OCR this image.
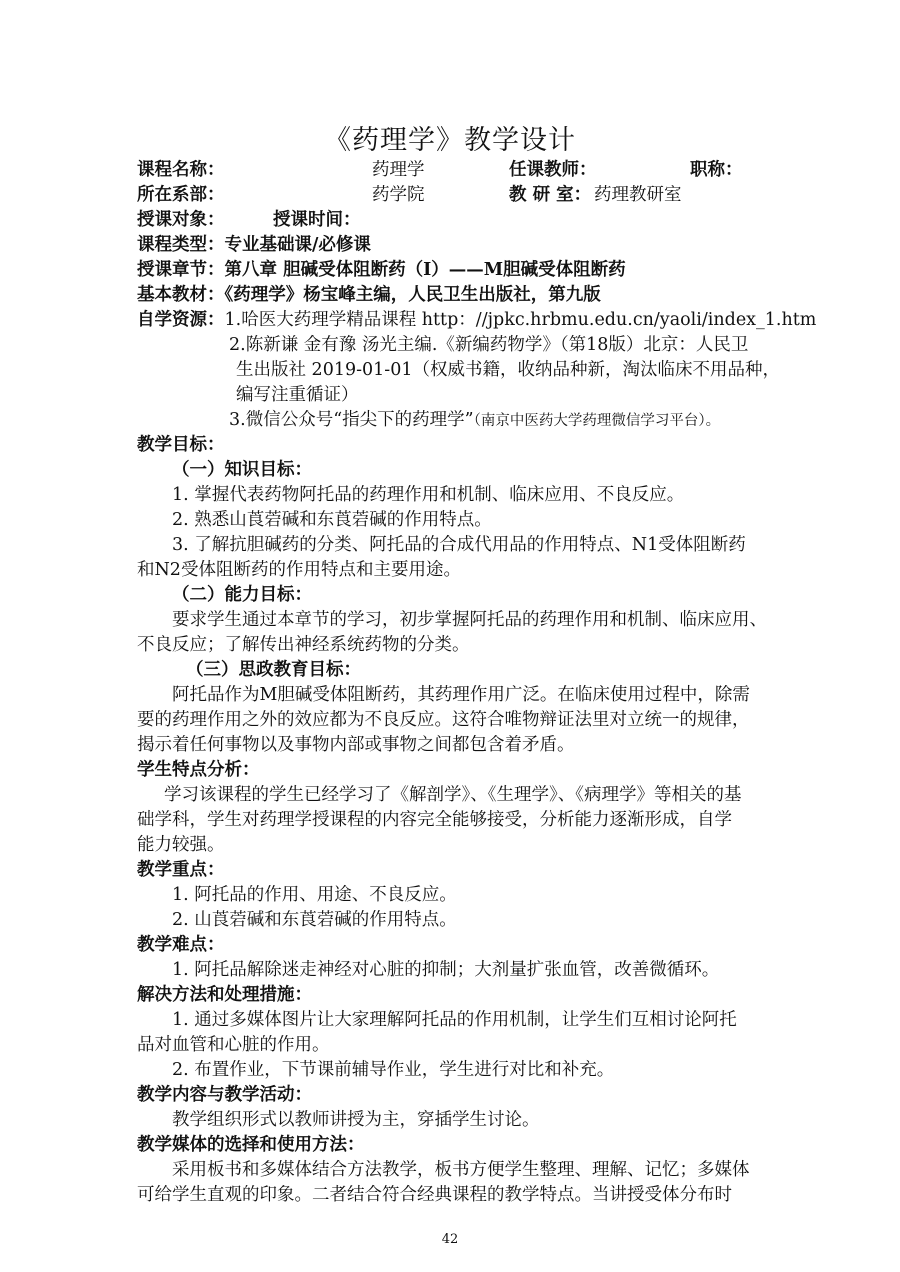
《药理学》教学设计
课程名称：	药理学	任课教师：	职称：
所在系部：	药学院	教 研 室： 药理教研室
授课对象：	授课时间：
课程类型：专业基础课/必修课
授课章节：第八章 胆碱受体阻断药（Ⅰ）——M胆碱受体阻断药
基本教材：《药理学》杨宝峰主编，人民卫生出版社，第九版
自学资源：1.哈医大药理学精品课程 http：//jpkc.hrbmu.edu.cn/yaoli/index_1.htm
2.陈新谦 金有豫 汤光主编.《新编药物学》（第18版）北京：人民卫
生出版社 2019-01-01（权威书籍，收纳品种新，淘汰临床不用品种，
编写注重循证）
3.微信公众号“指尖下的药理学”（南京中医药大学药理微信学习平台）。
教学目标：
（一）知识目标：
1. 掌握代表药物阿托品的药理作用和机制、临床应用、不良反应。
2. 熟悉山莨菪碱和东莨菪碱的作用特点。
3. 了解抗胆碱药的分类、阿托品的合成代用品的作用特点、N1受体阻断药
和N2受体阻断药的作用特点和主要用途。
（二）能力目标：
要求学生通过本章节的学习，初步掌握阿托品的药理作用和机制、临床应用、
不良反应；了解传出神经系统药物的分类。
（三）思政教育目标：
阿托品作为M胆碱受体阻断药，其药理作用广泛。在临床使用过程中，除需
要的药理作用之外的效应都为不良反应。这符合唯物辩证法里对立统一的规律，
揭示着任何事物以及事物内部或事物之间都包含着矛盾。
学生特点分析：
学习该课程的学生已经学习了《解剖学》、《生理学》、《病理学》等相关的基
础学科，学生对药理学授课程的内容完全能够接受，分析能力逐渐形成，自学
能力较强。
教学重点：
1. 阿托品的作用、用途、不良反应。
2. 山莨菪碱和东莨菪碱的作用特点。
教学难点：
1. 阿托品解除迷走神经对心脏的抑制；大剂量扩张血管，改善微循环。
解决方法和处理措施：
1. 通过多媒体图片让大家理解阿托品的作用机制，让学生们互相讨论阿托
品对血管和心脏的作用。
2. 布置作业，下节课前辅导作业，学生进行对比和补充。
教学内容与教学活动：
教学组织形式以教师讲授为主，穿插学生讨论。
教学媒体的选择和使用方法：
采用板书和多媒体结合方法教学，板书方便学生整理、理解、记忆；多媒体
可给学生直观的印象。二者结合符合经典课程的教学特点。当讲授受体分布时
42
